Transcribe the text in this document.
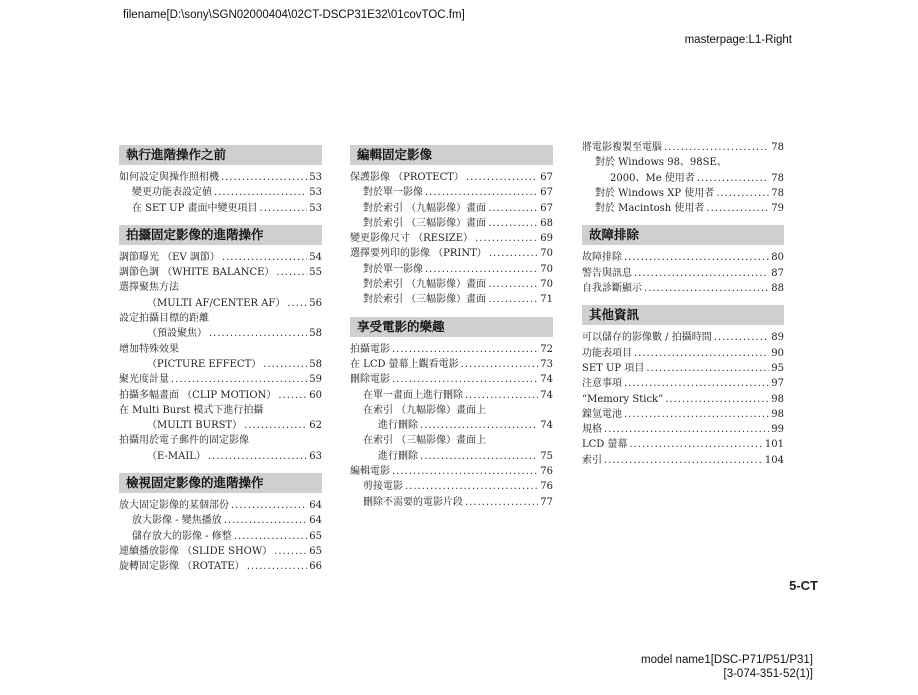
filename[D:\sony\SGN02000404\02CT-DSCP31E32\01covTOC.fm]
masterpage:L1-Right
執行進階操作之前
如何設定與操作照相機 .....	53
變更功能表設定値 .....	53
在 SET UP 畫面中變更項目 .....	53
拍攝固定影像的進階操作
調節曝光 （EV 調節） .....	54
調節色調 （WHITE BALANCE） .....	55
選擇聚焦方法
（MULTI AF/CENTER AF） ..... 56
設定拍攝目標的距離
（預設聚焦） .....	58
增加特殊效果
（PICTURE EFFECT） .....	58
聚光度計量 .....	59
拍攝多幅畫面 （CLIP MOTION） .....	60
在 Multi Burst 模式下進行拍攝
（MULTI BURST） .....	62
拍攝用於電子郵件的固定影像
（E-MAIL） .....	63
檢視固定影像的進階操作
放大固定影像的某個部份 .....	64
放大影像 - 變焦播放 .....	64
儲存放大的影像 - 修整 .....	65
連續播放影像 （SLIDE SHOW） .....	65
旋轉固定影像 （ROTATE） .....	66
編輯固定影像
保護影像 （PROTECT） .....	67
對於單一影像 .....	67
對於索引 （九幅影像）畫面 .....	67
對於索引 （三幅影像）畫面 .....	68
變更影像尺寸 （RESIZE） .....	69
選擇要列印的影像 （PRINT） .....	70
對於單一影像 .....	70
對於索引 （九幅影像）畫面 .....	70
對於索引 （三幅影像）畫面 .....	71
享受電影的樂趣
拍攝電影 .....	72
在 LCD 螢幕上觀看電影 .....	73
刪除電影 .....	74
在單一畫面上進行刪除 .....	74
在索引 （九幅影像）畫面上
進行刪除 .....	74
在索引 （三幅影像）畫面上
進行刪除 .....	75
編輯電影 .....	76
剪接電影 .....	76
刪除不需要的電影片段 .....	77
將電影複製至電腦 .....	78
對於 Windows 98、98SE、
2000、Me 使用者 .....	78
對於 Windows XP 使用者 .....	78
對於 Macintosh 使用者 .....	79
故障排除
故障排除 .....	80
警告與訊息 .....	87
自我診斷顯示 .....	88
其他資訊
可以儲存的影像數 / 拍攝時間 .....	89
功能表項目 .....	90
SET UP 項目 .....	95
注意事項 .....	97
“Memory Stick” .....	98
鎳氫電池 .....	98
規格 .....	99
LCD 螢幕 .....	101
索引 .....	104
5-CT
model name1[DSC-P71/P51/P31]
[3-074-351-52(1)]
